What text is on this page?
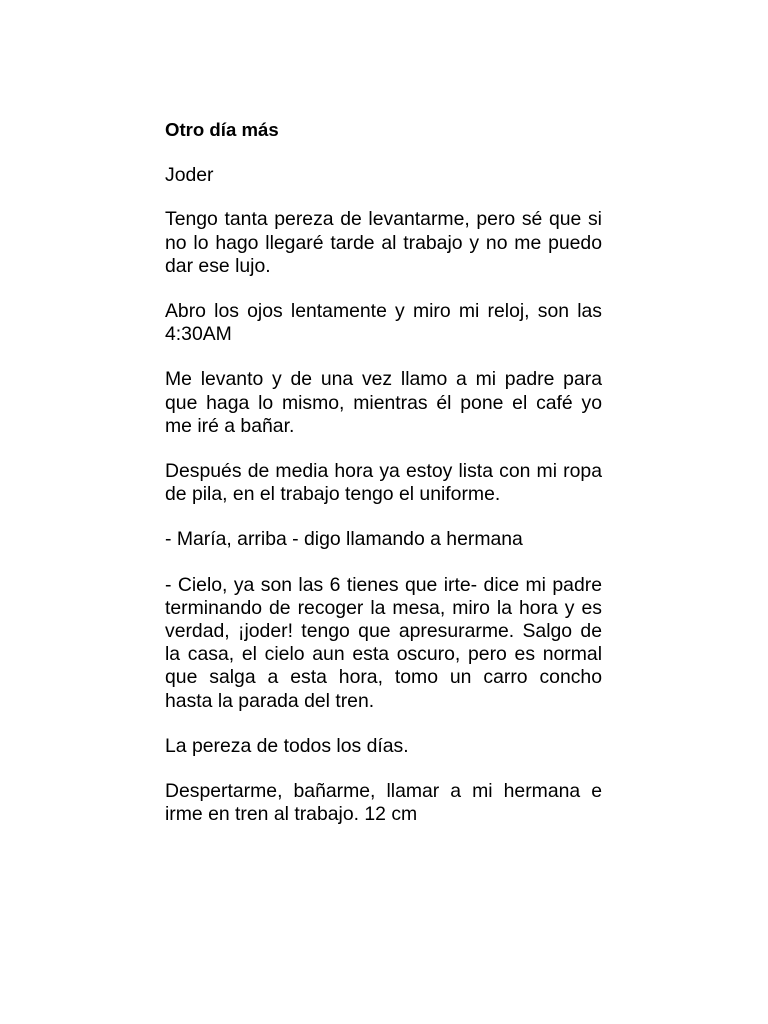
Otro día más
Joder
Tengo tanta pereza de levantarme, pero sé que si no lo hago llegaré tarde al trabajo y no me puedo dar ese lujo.
Abro los ojos lentamente y miro mi reloj, son las 4:30AM
Me levanto y de una vez llamo a mi padre para que haga lo mismo, mientras él pone el café yo me iré a bañar.
Después de media hora ya estoy lista con mi ropa de pila, en el trabajo tengo el uniforme.
- María, arriba - digo llamando a hermana
- Cielo, ya son las 6 tienes que irte- dice mi padre terminando de recoger la mesa, miro la hora y es verdad, ¡joder! tengo que apresurarme. Salgo de la casa, el cielo aun esta oscuro, pero es normal que salga a esta hora, tomo un carro concho hasta la parada del tren.
La pereza de todos los días.
Despertarme, bañarme, llamar a mi hermana e irme en tren al trabajo. 12 cm
